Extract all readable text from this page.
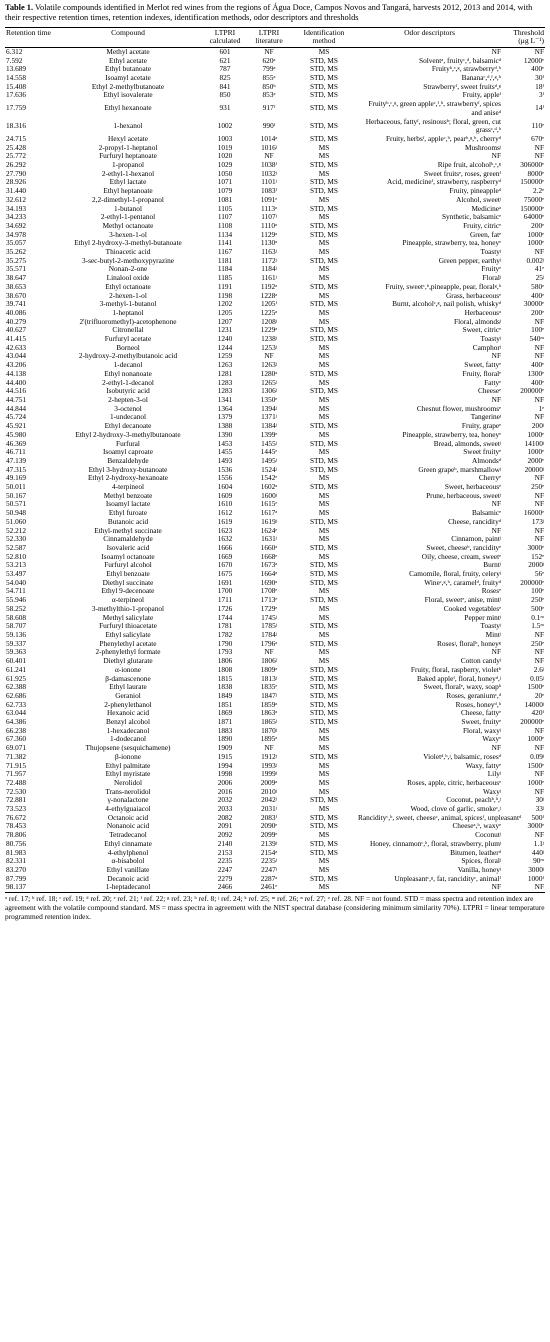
Table 1. Volatile compounds identified in Merlot red wines from the regions of Água Doce, Campos Novos and Tangará, harvests 2012, 2013 and 2014, with their respective retention times, retention indexes, identification methods, odor descriptors and thresholds

Retention time	Compound	LTPRI calculated	LTPRI literature	Identification method	Odor descriptors	Threshold (μg L⁻¹)
6.312	Methyl acetate	601	NF	MS	NF	NF
7.592	Ethyl acetate	621	620ᵃ	STD, MS	Solventᵃ, fruityᶜ,ᵈ, balsamicᵈ	12000ᵉ
13.689	Ethyl butanoate	787	799ᵃ	STD, MS	Fruityᵇ,ᶜ,ᵍ, strawberryᵈ,ʰ	400ᵉ
14.558	Isoamyl acetate	825	855ᵃ	STD, MS	Bananaᶜ,ᵈ,ᶠ,ᵍ,ʰ	30ᶠ
15.408	Ethyl 2-methylbutanoate	841	850ᵇ	STD, MS	Strawberryᶠ, sweet fruitsᵈ,ᵍ	18ᶠ
17.636	Ethyl isovalerate	850	853ᵃ	STD, MS	Fruity, appleᶠ	3ᶠ
17.759	Ethyl hexanoate	931	917ᶠ	STD, MS	Fruityᵇ,ᶜ,ᵍ, green appleᶜ,ᶠ,ʰ, strawberryᶠ, spices and aniseᵈ	14ᶠ
18.316	1-hexanol	1002	990ᶠ	STD, MS	Herbaceous, fattyᶠ, resinousᵇ; floral, green, cut grassᶜ,ᵈ,ʰ	110ᵉ
24.715	Hexyl acetate	1003	1014ᵃ	STD, MS	Fruity, herbsᶠ, appleᶜ,ʰ, pearᵇ,ᵍ,ʰ, cherryᵈ	670ᵉ
25.428	2-propyl-1-heptanol	1019	1016ʲ	MS	Mushroomsʲ	NF
25.772	Furfuryl heptanoate	1020	NF	MS	NF	NF
26.292	1-propanol	1029	1038ᶠ	STD, MS	Ripe fruit, alcoholᵇ,ᶜ,ᵍ	306000ᵉ
27.790	2-ethyl-1-hexanol	1050	1032ʲ	MS	Sweet fruitsᵉ, roses, greenᶠ	8000ᵉ
28.926	Ethyl lactate	1071	1101ʲ	STD, MS	Acid, medicineᶠ, strawberry, raspberryᵈ	150000ᵉ
31.440	Ethyl heptanoate	1079	1083ᶠ	STD, MS	Fruity, pineappleᵈ	2.2ᵉ
32.612	2,2-dimethyl-1-propanol	1081	1091ᵉ	MS	Alcohol, sweetʲ	75000ᵉ
34.193	1-butanol	1105	1113ᵃ	STD, MS	Medicineᵃ	150000ᵉ
34.233	2-ethyl-1-pentanol	1107	1107ʲ	MS	Synthetic, balsamicᵉ	64000ᵉ
34.692	Methyl octanoate	1108	1110ᵃ	STD, MS	Fruity, citricᵉ	200ᵉ
34.978	3-hexen-1-ol	1134	1129ᵃ	STD, MS	Green, fatᵉ	1000ᵉ
35.057	Ethyl 2-hydroxy-3-methyl-butanoate	1141	1130ᵃ	MS	Pineapple, strawberry, tea, honeyᵉ	1000ᵉ
35.262	Thioacetic acid	1167	1163ʲ	MS	Toastyʲ	NF
35.275	3-sec-butyl-2-methoxypyrazine	1181	1172ʲ	STD, MS	Green pepper, earthyʲ	0.002ʲ
35.571	Nonan-2-one	1184	1184ʲ	MS	Fruityᵉ	41ᵉ
38.647	Linalool oxide	1185	1161ʲ	MS	Floralʲ	25ʲ
38.653	Ethyl octanoate	1191	1192ᵃ	STD, MS	Fruity, sweetᶜ,ʰ,pineapple, pear, floralᵍ,ʰ	580ᵉ
38.670	2-hexen-1-ol	1198	1228ᵃ	MS	Grass, herbaceousᵉ	400ᵉ
39.741	3-methyl-1-butanol	1202	1205ᶠ	STD, MS	Burnt, alcoholᶜ,ᵍ, nail polish, whiskyᵈ	30000ᵉ
40.086	1-heptanol	1205	1225ᵃ	MS	Herbaceousᵃ	200ᵉ
40.279	2'(trifluoromethyl)-acetophenone	1207	1208ʲ	MS	Floral, almondsʲ	NF
40.627	Citronellal	1231	1229ᵃ	STD, MS	Sweet, citricᵉ	100ᵉ
41.415	Furfuryl acetate	1240	1238ʲ	STD, MS	Toastyʲ	540ᵐ
42.633	Borneol	1244	1253ʲ	MS	Camphorʲ	NF
43.044	2-hydroxy-2-methylbutanoic acid	1259	NF	MS	NF	NF
43.206	1-decanol	1263	1263ʲ	MS	Sweet, fattyᵉ	400ᵉ
44.138	Ethyl nonanoate	1281	1280ᵃ	STD, MS	Fruity, floralᵉ	1300ᵉ
44.400	2-ethyl-1-decanol	1283	1265ʲ	MS	Fattyᵉ	400ᵉ
44.516	Isobutyric acid	1283	1306ʲ	STD, MS	Cheeseᵉ	200000ᵉ
44.751	2-hepten-3-ol	1341	1350ᵉ	MS	NF	NF
44.844	3-octenol	1364	1394ʲ	MS	Chesnut flower, mushroomsᵉ	1ᵉ
45.724	1-undecanol	1379	1371ʲ	MS	Tangerineʲ	NF
45.921	Ethyl decanoate	1388	1384ʲ	STD, MS	Fruity, grapeᵉ	200ʲ
45.980	Ethyl 2-hydroxy-3-methylbutanoate	1390	1399ᵉ	MS	Pineapple, strawberry, tea, honeyᵉ	1000ᵉ
46.369	Furfural	1453	1455ʲ	STD, MS	Bread, almonds, sweetʲ	14100ʲ
46.711	Isoamyl caproate	1455	1445ᵉ	MS	Sweet fruityᵉ	1000ᵉ
47.139	Benzaldehyde	1493	1495ʲ	STD, MS	Almondsᵈ	2000ᵉ
47.315	Ethyl 3-hydroxy-butanoate	1536	1524ʲ	STD, MS	Green grapeᵇ, marshmallowʲ	20000ʲ
49.169	Ethyl 2-hydroxy-hexanoate	1556	1542ᵉ	MS	Cherryᵉ	NF
50.011	4-terpineol	1604	1602ᵃ	STD, MS	Sweet, herbaceousᵉ	250ᵉ
50.167	Methyl benzoate	1609	1600ʲ	MS	Prune, herbaceous, sweetʲ	NF
50.571	Isoamyl lactate	1610	1615ᵉ	MS	NF	NF
50.948	Ethyl furoate	1612	1617ᵃ	MS	Balsamicᵉ	16000ᵉ
51.060	Butanoic acid	1619	1619ʲ	STD, MS	Cheese, rancidityᵈ	173ʲ
52.212	Ethyl-methyl succinate	1623	1624ᵉ	MS	NF	NF
52.330	Cinnamaldehyde	1632	1631ʲ	MS	Cinnamon, paintʲ	NF
52.587	Isovaleric acid	1666	1660ᵃ	STD, MS	Sweet, cheeseᵇ, rancidityᵉ	3000ᵉ
52.810	Isoamyl octanoate	1669	1668ᵉ	MS	Oily, cheese, cream, sweetᵉ	152ᵉ
53.213	Furfuryl alcohol	1670	1673ᵃ	STD, MS	Burntʲ	2000ʲ
53.497	Ethyl benzoate	1675	1664ᵃ	STD, MS	Camomile, floral, fruity, celeryʲ	56ᵉ
54.040	Diethyl succinate	1691	1690ᵃ	STD, MS	Wineᶜ,ᵍ,ʰ, caramelᵈ, fruityᵈ	200000ᵉ
54.711	Ethyl 9-decenoate	1700	1708ᵉ	MS	Rosesᵉ	100ᵉ
55.946	α-terpineol	1711	1713ᵉ	STD, MS	Floral, sweetᵉ, anise, mintʲ	250ᵉ
58.252	3-methylthio-1-propanol	1726	1729ᵉ	MS	Cooked vegetablesᵉ	500ᵉ
58.608	Methyl salicylate	1744	1745ʲ	MS	Pepper mintʲ	0.1ᵐ
58.707	Furfuryl thioacetate	1781	1785ʲ	STD, MS	Toastyʲ	1.5ᵐ
59.136	Ethyl salicylate	1782	1784ʲ	MS	Mintʲ	NF
59.337	Phenylethyl acetate	1790	1796ᵃ	STD, MS	Rosesʲ, floralᵇ, honeyᵍ	250ᵉ
59.363	2-phenylethyl formate	1793	NF	MS	NF	NF
60.401	Diethyl glutarate	1806	1806ʲ	MS	Cotton candyʲ	NF
61.241	α-ionone	1808	1809ᵃ	STD, MS	Fruity, floral, raspberry, violetᵇ	2.6ʲ
61.925	β-damascenone	1815	1813ʲ	STD, MS	Baked appleᶠ, floral, honeyᵈ,ʲ	0.05ʲ
62.388	Ethyl laurate	1838	1835ᵉ	STD, MS	Sweet, floralᵉ, waxy, soapᵇ	1500ᵉ
62.686	Geraniol	1849	1847ʲ	STD, MS	Roses, geraniumᶜ,ᵈ	20ᵉ
62.733	2-phenylethanol	1851	1859ᵃ	STD, MS	Roses, honeyᵈ,ʰ	14000ʲ
63.044	Hexanoic acid	1869	1863ᵃ	STD, MS	Cheese, fattyᵉ	420ᶠ
64.386	Benzyl alcohol	1871	1865ʲ	STD, MS	Sweet, fruityᵉ	200000ᵉ
66.238	1-hexadecanol	1883	1870ʲ	MS	Floral, waxyʲ	NF
67.360	1-dodecanol	1890	1895ᵃ	MS	Waxyᵉ	1000ᵉ
69.071	Thujopsene (sesquichamene)	1909	NF	MS	NF	NF
71.382	β-ionone	1915	1912ʲ	STD, MS	Violetᵈ,ʰ,ʲ, balsamic, rosesᵈ	0.09ʲ
71.915	Ethyl palmitate	1994	1993ʲ	MS	Waxy, fattyᵉ	1500ᵉ
71.957	Ethyl myristate	1998	1999ʲ	MS	Lilyʲ	NF
72.488	Nerolidol	2006	2009ᵃ	MS	Roses, apple, citric, herbaceousᵉ	1000ᵉ
72.530	Trans-nerolidol	2016	2010ʲ	MS	Waxyʲ	NF
72.881	γ-nonalactone	2032	2042ʲ	STD, MS	Coconut, peachᵇ,ʰ,ʲ	30ʲ
73.523	4-ethylguaiacol	2033	2031ʲ	MS	Wood, clove of garlic, smokeᶜ,ʲ	33ʲ
76.672	Octanoic acid	2082	2083ᶠ	STD, MS	Rancidityᶜ,ʰ, sweet, cheeseᶜ, animal, spicesᶠ, unpleasantᵈ	500ᶠ
78.453	Nonanoic acid	2091	2090ᵉ	STD, MS	Cheeseᵃ,ʰ, waxyᵉ	3000ᵉ
78.806	Tetradecanol	2092	2099ᵉ	MS	Coconutʲ	NF
80.756	Ethyl cinnamate	2140	2139ʲ	STD, MS	Honey, cinnamonᶜ,ʰ, floral, strawberry, plumʲ	1.1ʲ
81.983	4-ethylphenol	2153	2154ᵃ	STD, MS	Bitumen, leatherᵈ	440ʲ
82.331	α-bisabolol	2235	2235ʲ	MS	Spices, floralʲ	90ᵐ
83.270	Ethyl vanillate	2247	2247ʲ	MS	Vanilla, honeyʲ	3000ʲ
87.799	Decanoic acid	2279	2287ᵃ	STD, MS	Unpleasantᶜ,ᵍ, fat, rancidityᶜ, animalᶠ	1000ᶠ
98.137	1-heptadecanol	2466	2461ᵉ	MS	NF	NF

ᵃ ref. 17; ᵇ ref. 18; ᶜ ref. 19; ᵈ ref. 20; ᵉ ref. 21; ᶠ ref. 22; ᵍ ref. 23; ʰ ref. 8; ʲ ref. 24; ᵏ ref. 25; ᵐ ref. 26; ⁿ ref. 27; ᵒ ref. 28. NF = not found. STD = mass spectra and retention index are agreement with the volatile compound standard. MS = mass spectra in agreement with the NIST spectral database (considering minimum similarity 70%). LTPRI = linear temperature programmed retention index.
